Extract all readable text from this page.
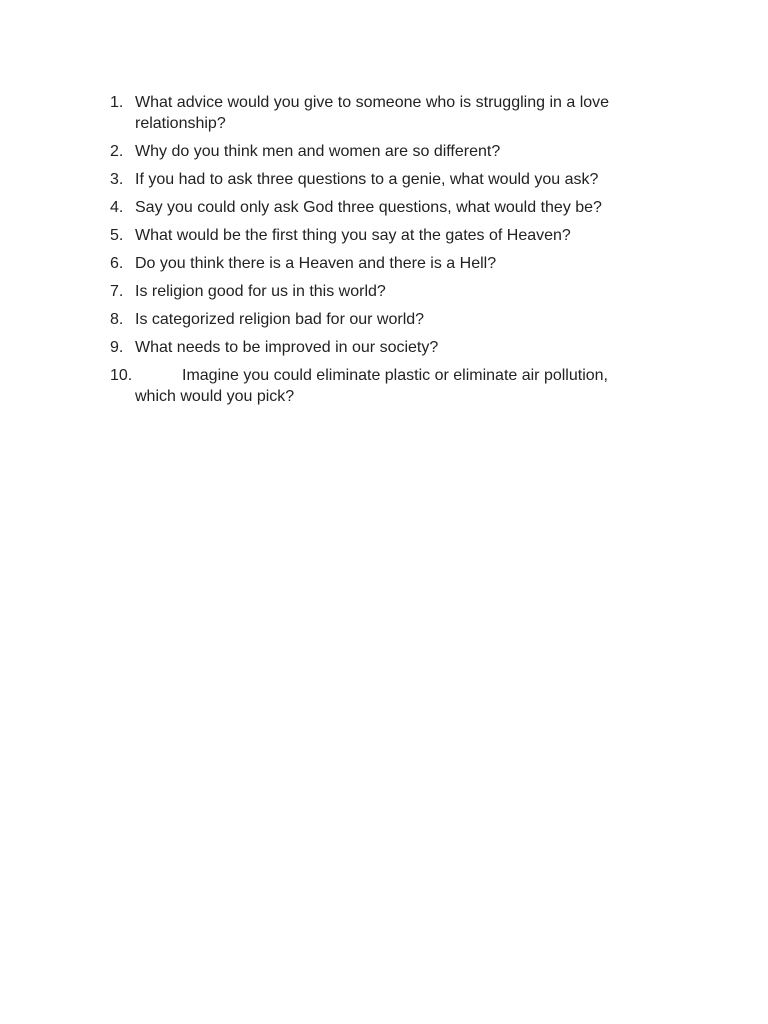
1. What advice would you give to someone who is struggling in a love relationship?
2. Why do you think men and women are so different?
3. If you had to ask three questions to a genie, what would you ask?
4. Say you could only ask God three questions, what would they be?
5. What would be the first thing you say at the gates of Heaven?
6. Do you think there is a Heaven and there is a Hell?
7. Is religion good for us in this world?
8. Is categorized religion bad for our world?
9. What needs to be improved in our society?
10.	Imagine you could eliminate plastic or eliminate air pollution, which would you pick?
